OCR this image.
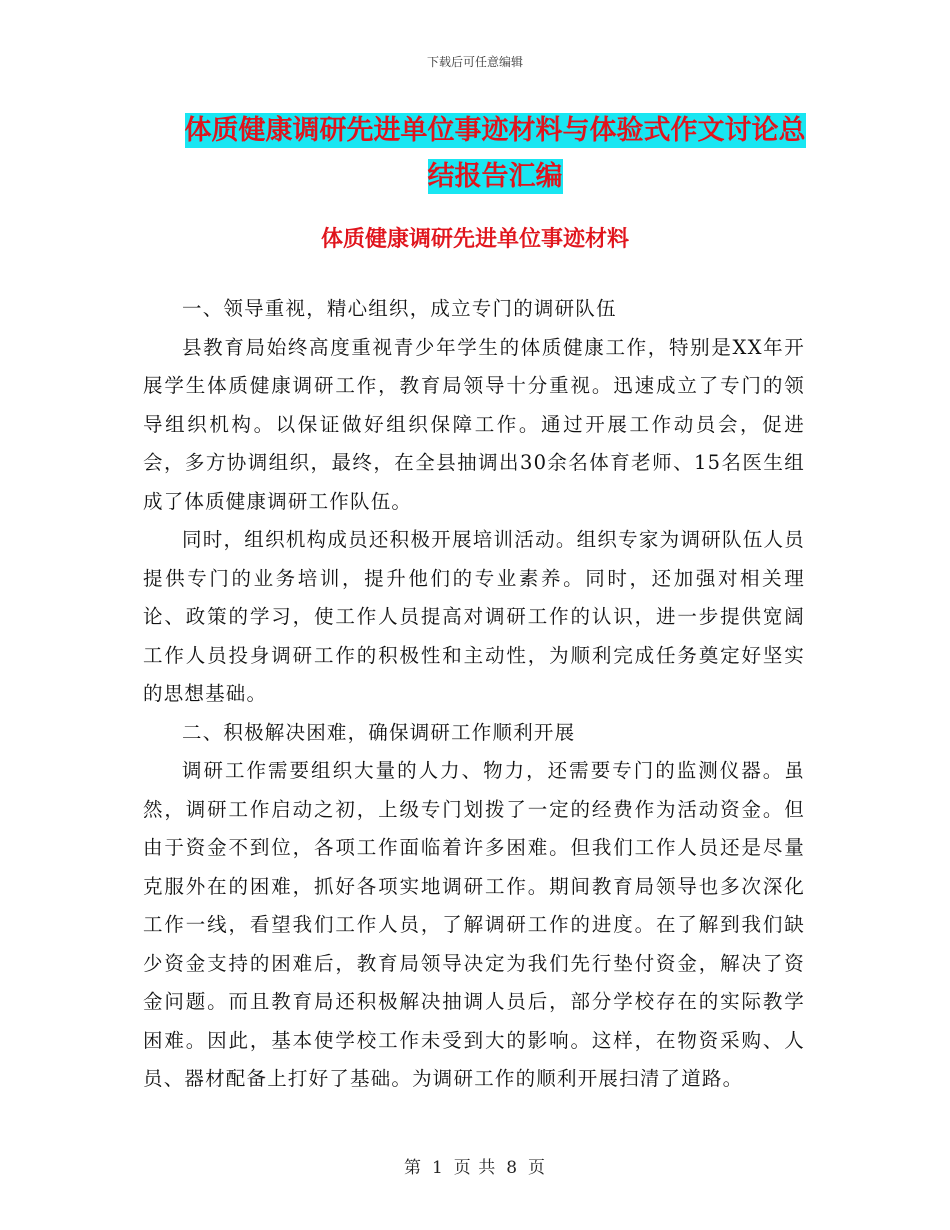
下载后可任意编辑
体质健康调研先进单位事迹材料与体验式作文讨论总
结报告汇编
体质健康调研先进单位事迹材料

一、领导重视，精心组织，成立专门的调研队伍

县教育局始终高度重视青少年学生的体质健康工作，特别是XX年开展学生体质健康调研工作，教育局领导十分重视。迅速成立了专门的领导组织机构。以保证做好组织保障工作。通过开展工作动员会，促进会，多方协调组织，最终，在全县抽调出30余名体育老师、15名医生组成了体质健康调研工作队伍。

同时，组织机构成员还积极开展培训活动。组织专家为调研队伍人员提供专门的业务培训，提升他们的专业素养。同时，还加强对相关理论、政策的学习，使工作人员提高对调研工作的认识，进一步提供宽阔工作人员投身调研工作的积极性和主动性，为顺利完成任务奠定好坚实的思想基础。

二、积极解决困难，确保调研工作顺利开展

调研工作需要组织大量的人力、物力，还需要专门的监测仪器。虽然，调研工作启动之初，上级专门划拨了一定的经费作为活动资金。但由于资金不到位，各项工作面临着许多困难。但我们工作人员还是尽量克服外在的困难，抓好各项实地调研工作。期间教育局领导也多次深化工作一线，看望我们工作人员，了解调研工作的进度。在了解到我们缺少资金支持的困难后，教育局领导决定为我们先行垫付资金，解决了资金问题。而且教育局还积极解决抽调人员后，部分学校存在的实际教学困难。因此，基本使学校工作未受到大的影响。这样，在物资采购、人员、器材配备上打好了基础。为调研工作的顺利开展扫清了道路。

第 1 页 共 8 页
